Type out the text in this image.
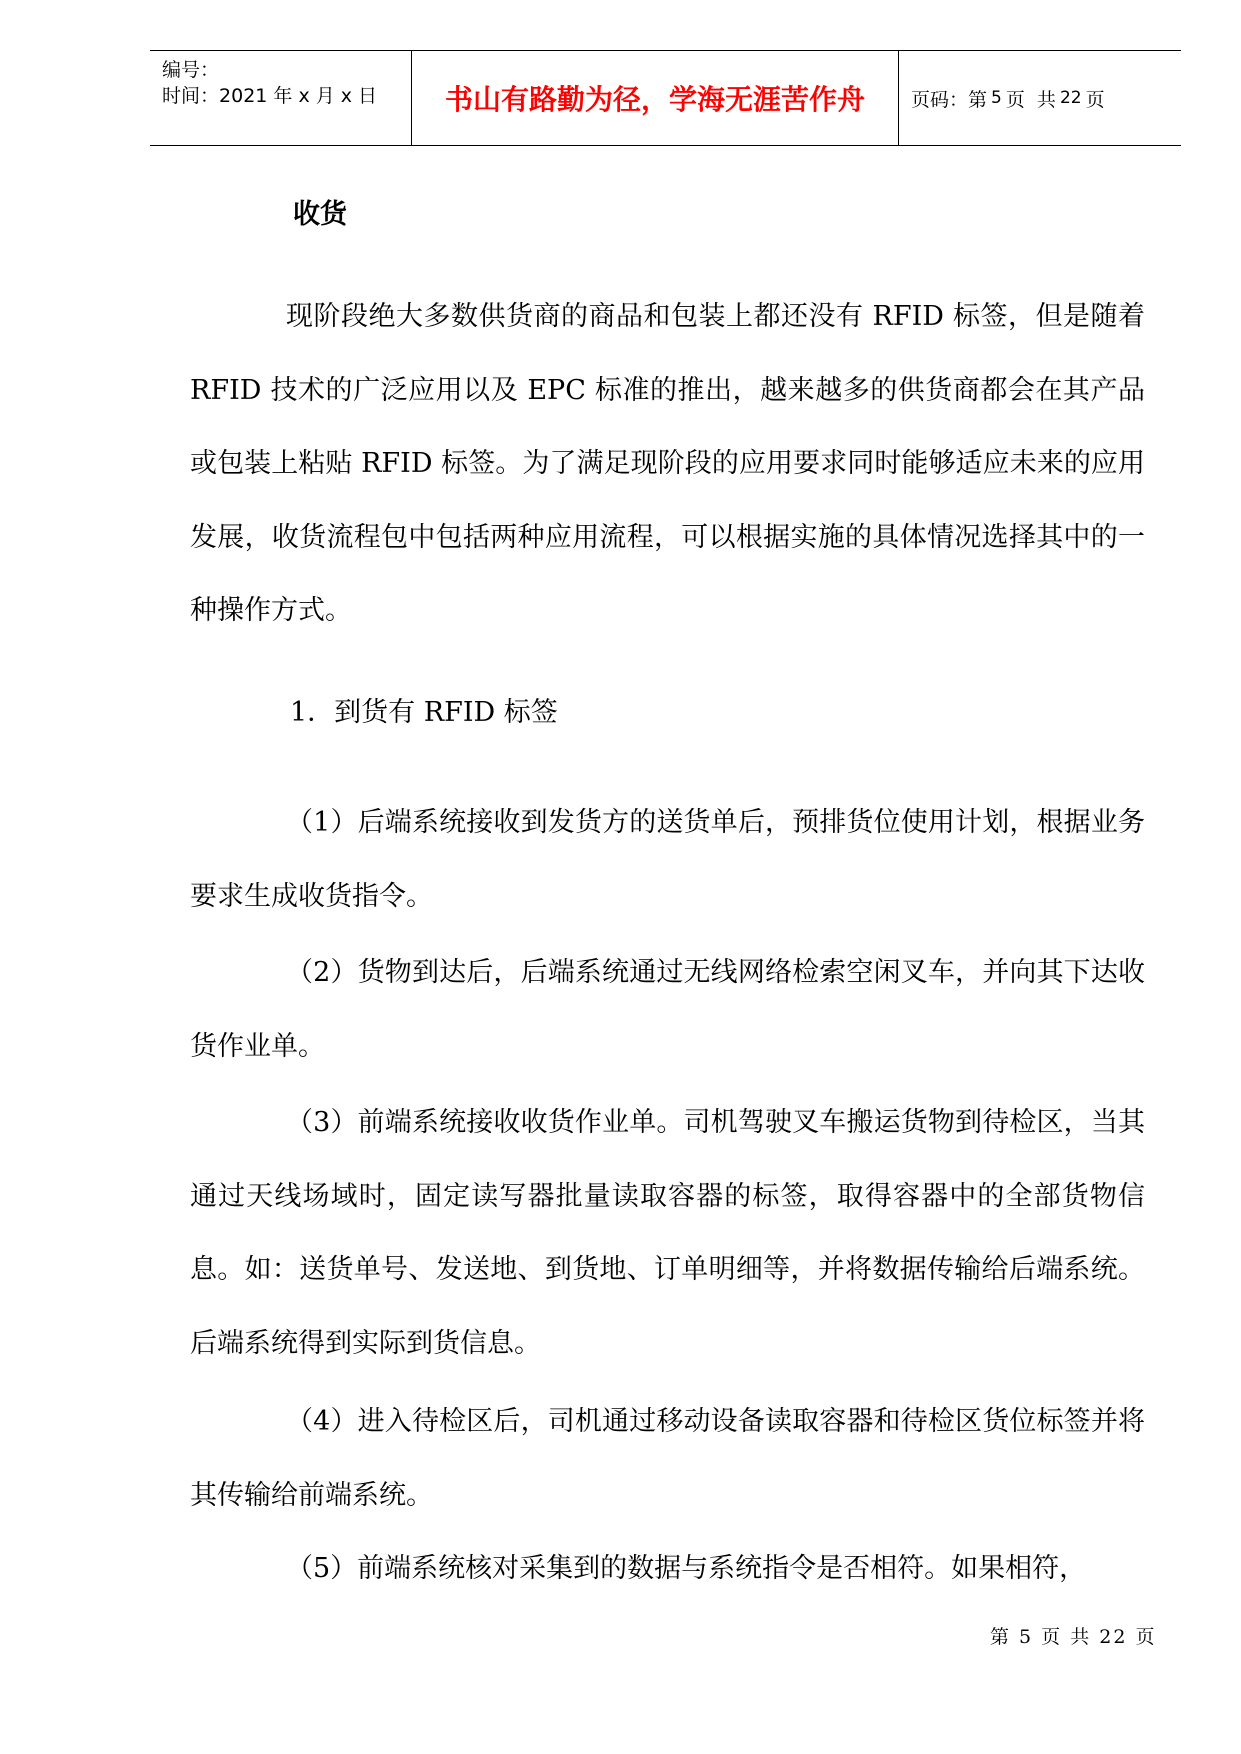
编号：
时间：2021 年 x 月 x 日	书山有路勤为径，学海无涯苦作舟	页码：第 5 页  共 22 页
收货

现阶段绝大多数供货商的商品和包装上都还没有 RFID 标签，但是随着 RFID 技术的广泛应用以及 EPC 标准的推出，越来越多的供货商都会在其产品或包装上粘贴 RFID 标签。为了满足现阶段的应用要求同时能够适应未来的应用发展，收货流程包中包括两种应用流程，可以根据实施的具体情况选择其中的一种操作方式。

1．到货有 RFID 标签

（1）后端系统接收到发货方的送货单后，预排货位使用计划，根据业务要求生成收货指令。

（2）货物到达后，后端系统通过无线网络检索空闲叉车，并向其下达收货作业单。

（3）前端系统接收收货作业单。司机驾驶叉车搬运货物到待检区，当其通过天线场域时，固定读写器批量读取容器的标签，取得容器中的全部货物信息。如：送货单号、发送地、到货地、订单明细等，并将数据传输给后端系统。后端系统得到实际到货信息。

（4）进入待检区后，司机通过移动设备读取容器和待检区货位标签并将其传输给前端系统。

（5）前端系统核对采集到的数据与系统指令是否相符。如果相符，

第 5 页 共 22 页
